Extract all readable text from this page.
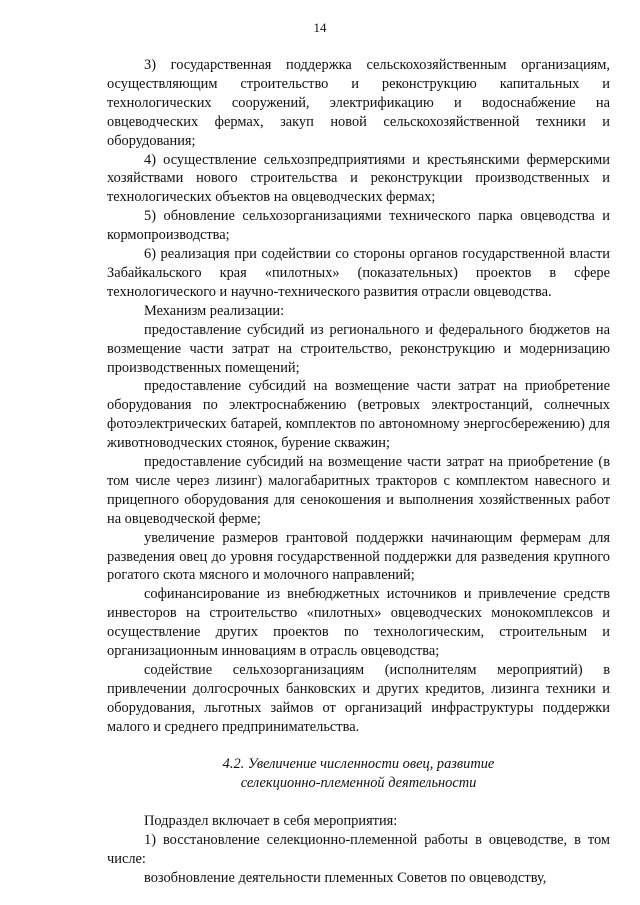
14

3) государственная поддержка сельскохозяйственным организациям, осуществляющим строительство и реконструкцию капитальных и технологических сооружений, электрификацию и водоснабжение на овцеводческих фермах, закуп новой сельскохозяйственной техники и оборудования;

4) осуществление сельхозпредприятиями и крестьянскими фермерскими хозяйствами нового строительства и реконструкции производственных и технологических объектов на овцеводческих фермах;

5) обновление сельхозорганизациями технического парка овцеводства и кормопроизводства;

6) реализация при содействии со стороны органов государственной власти Забайкальского края «пилотных» (показательных) проектов в сфере технологического и научно-технического развития отрасли овцеводства.

Механизм реализации:

предоставление субсидий из регионального и федерального бюджетов на возмещение части затрат на строительство, реконструкцию и модернизацию производственных помещений;

предоставление субсидий на возмещение части затрат на приобретение оборудования по электроснабжению (ветровых электростанций, солнечных фотоэлектрических батарей, комплектов по автономному энергосбережению) для животноводческих стоянок, бурение скважин;

предоставление субсидий на возмещение части затрат на приобретение (в том числе через лизинг) малогабаритных тракторов с комплектом навесного и прицепного оборудования для сенокошения и выполнения хозяйственных работ на овцеводческой ферме;

увеличение размеров грантовой поддержки начинающим фермерам для разведения овец до уровня государственной поддержки для разведения крупного рогатого скота мясного и молочного направлений;

софинансирование из внебюджетных источников и привлечение средств инвесторов на строительство «пилотных» овцеводческих монокомплексов и осуществление других проектов по технологическим, строительным и организационным инновациям в отрасль овцеводства;

содействие сельхозорганизациям (исполнителям мероприятий) в привлечении долгосрочных банковских и других кредитов, лизинга техники и оборудования, льготных займов от организаций инфраструктуры поддержки малого и среднего предпринимательства.

4.2. Увеличение численности овец, развитие
селекционно-племенной деятельности

Подраздел включает в себя мероприятия:

1) восстановление селекционно-племенной работы в овцеводстве, в том числе:

возобновление деятельности племенных Советов по овцеводству,
